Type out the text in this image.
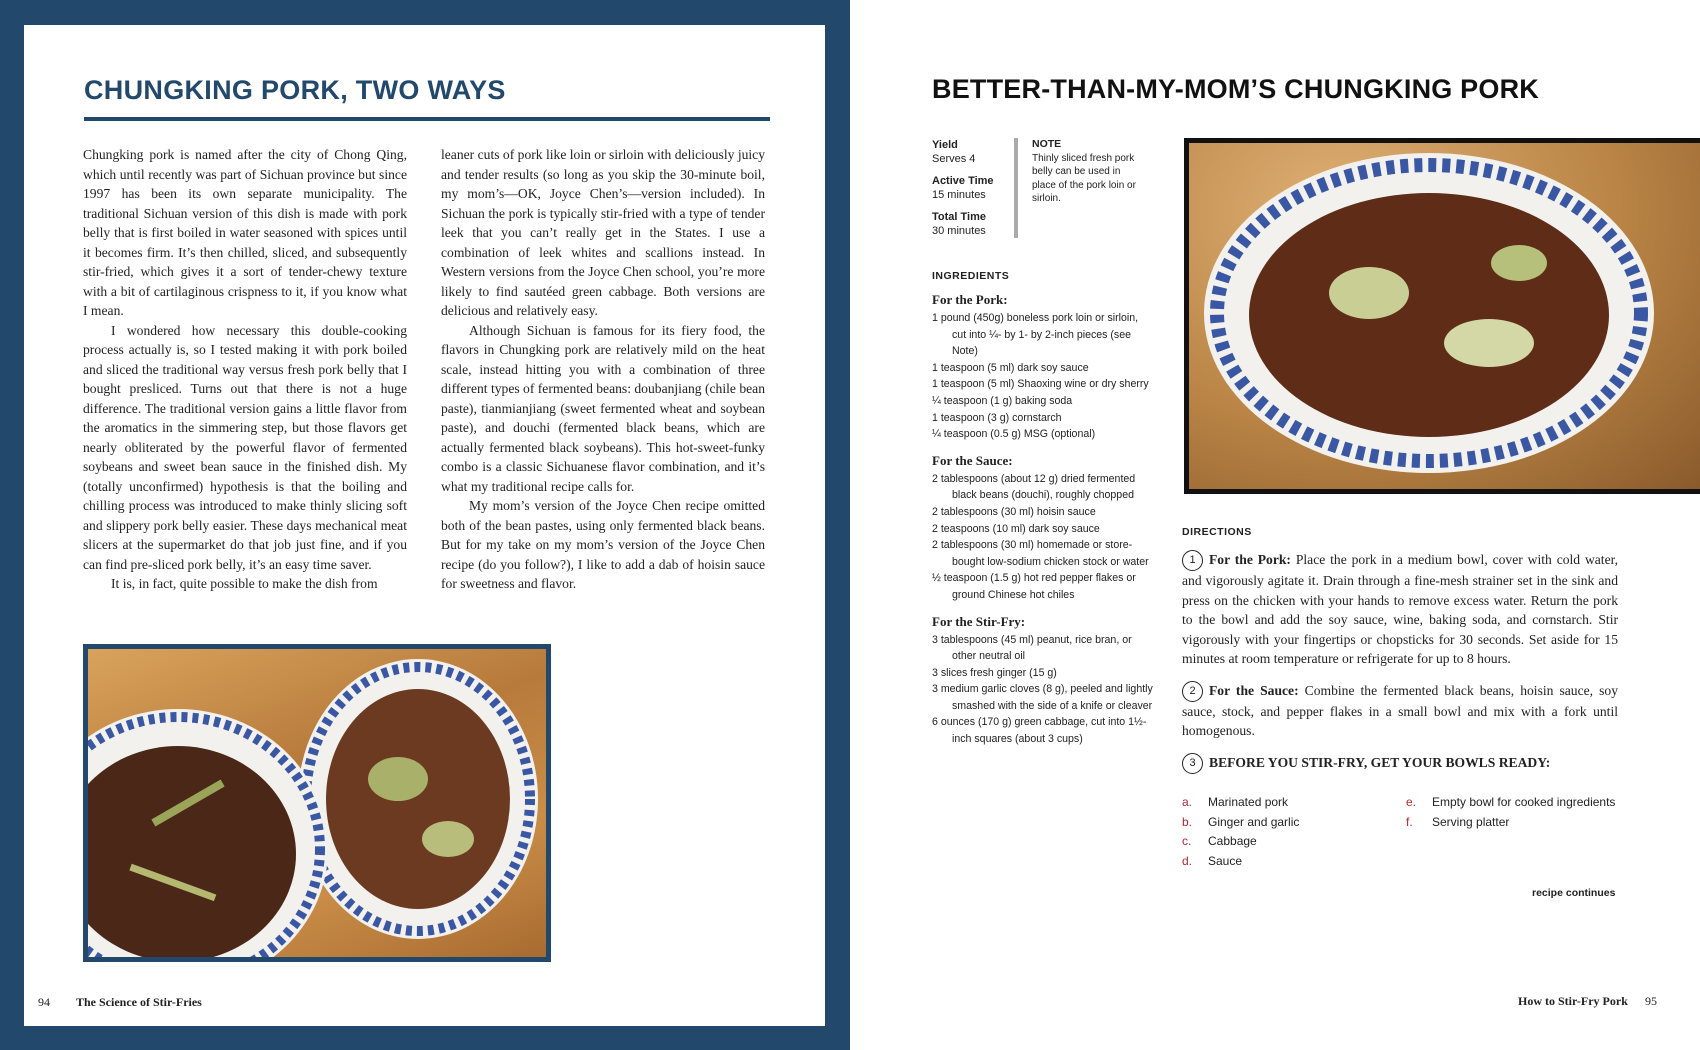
CHUNGKING PORK, TWO WAYS

Chungking pork is named after the city of Chong Qing, which until recently was part of Sichuan province but since 1997 has been its own separate municipality. The traditional Sichuan version of this dish is made with pork belly that is first boiled in water seasoned with spices until it becomes firm. It’s then chilled, sliced, and subsequently stir-fried, which gives it a sort of tender-chewy texture with a bit of cartilaginous crispness to it, if you know what I mean.

I wondered how necessary this double-cooking process actually is, so I tested making it with pork boiled and sliced the traditional way versus fresh pork belly that I bought presliced. Turns out that there is not a huge difference. The traditional version gains a little flavor from the aromatics in the simmering step, but those flavors get nearly obliterated by the powerful flavor of fermented soybeans and sweet bean sauce in the finished dish. My (totally unconfirmed) hypothesis is that the boiling and chilling process was introduced to make thinly slicing soft and slippery pork belly easier. These days mechanical meat slicers at the supermarket do that job just fine, and if you can find pre-sliced pork belly, it’s an easy time saver.

It is, in fact, quite possible to make the dish from

leaner cuts of pork like loin or sirloin with deliciously juicy and tender results (so long as you skip the 30-minute boil, my mom’s—OK, Joyce Chen’s—version included). In Sichuan the pork is typically stir-fried with a type of tender leek that you can’t really get in the States. I use a combination of leek whites and scallions instead. In Western versions from the Joyce Chen school, you’re more likely to find sautéed green cabbage. Both versions are delicious and relatively easy.

Although Sichuan is famous for its fiery food, the flavors in Chungking pork are relatively mild on the heat scale, instead hitting you with a combination of three different types of fermented beans: doubanjiang (chile bean paste), tianmianjiang (sweet fermented wheat and soybean paste), and douchi (fermented black beans, which are actually fermented black soybeans). This hot-sweet-funky combo is a classic Sichuanese flavor combination, and it’s what my traditional recipe calls for.

My mom’s version of the Joyce Chen recipe omitted both of the bean pastes, using only fermented black beans. But for my take on my mom’s version of the Joyce Chen recipe (do you follow?), I like to add a dab of hoisin sauce for sweetness and flavor.

94 The Science of Stir-Fries
BETTER-THAN-MY-MOM’S CHUNGKING PORK
Yield
Serves 4
Active Time
15 minutes
Total Time
30 minutes
NOTE
Thinly sliced fresh pork belly can be used in place of the pork loin or sirloin.
INGREDIENTS
For the Pork:
1 pound (450g) boneless pork loin or sirloin, cut into ¼- by 1- by 2-inch pieces (see Note)
1 teaspoon (5 ml) dark soy sauce
1 teaspoon (5 ml) Shaoxing wine or dry sherry
¼ teaspoon (1 g) baking soda
1 teaspoon (3 g) cornstarch
¼ teaspoon (0.5 g) MSG (optional)
For the Sauce:
2 tablespoons (about 12 g) dried fermented black beans (douchi), roughly chopped
2 tablespoons (30 ml) hoisin sauce
2 teaspoons (10 ml) dark soy sauce
2 tablespoons (30 ml) homemade or store-bought low-sodium chicken stock or water
½ teaspoon (1.5 g) hot red pepper flakes or ground Chinese hot chiles
For the Stir-Fry:
3 tablespoons (45 ml) peanut, rice bran, or other neutral oil
3 slices fresh ginger (15 g)
3 medium garlic cloves (8 g), peeled and lightly smashed with the side of a knife or cleaver
6 ounces (170 g) green cabbage, cut into 1½-inch squares (about 3 cups)
DIRECTIONS
1 For the Pork: Place the pork in a medium bowl, cover with cold water, and vigorously agitate it. Drain through a fine-mesh strainer set in the sink and press on the chicken with your hands to remove excess water. Return the pork to the bowl and add the soy sauce, wine, baking soda, and cornstarch. Stir vigorously with your fingertips or chopsticks for 30 seconds. Set aside for 15 minutes at room temperature or refrigerate for up to 8 hours.
2 For the Sauce: Combine the fermented black beans, hoisin sauce, soy sauce, stock, and pepper flakes in a small bowl and mix with a fork until homogenous.
3 BEFORE YOU STIR-FRY, GET YOUR BOWLS READY:
a.	Marinated pork	e.	Empty bowl for cooked ingredients
b.	Ginger and garlic	f.	Serving platter
c.	Cabbage
d.	Sauce
recipe continues
How to Stir-Fry Pork 95
